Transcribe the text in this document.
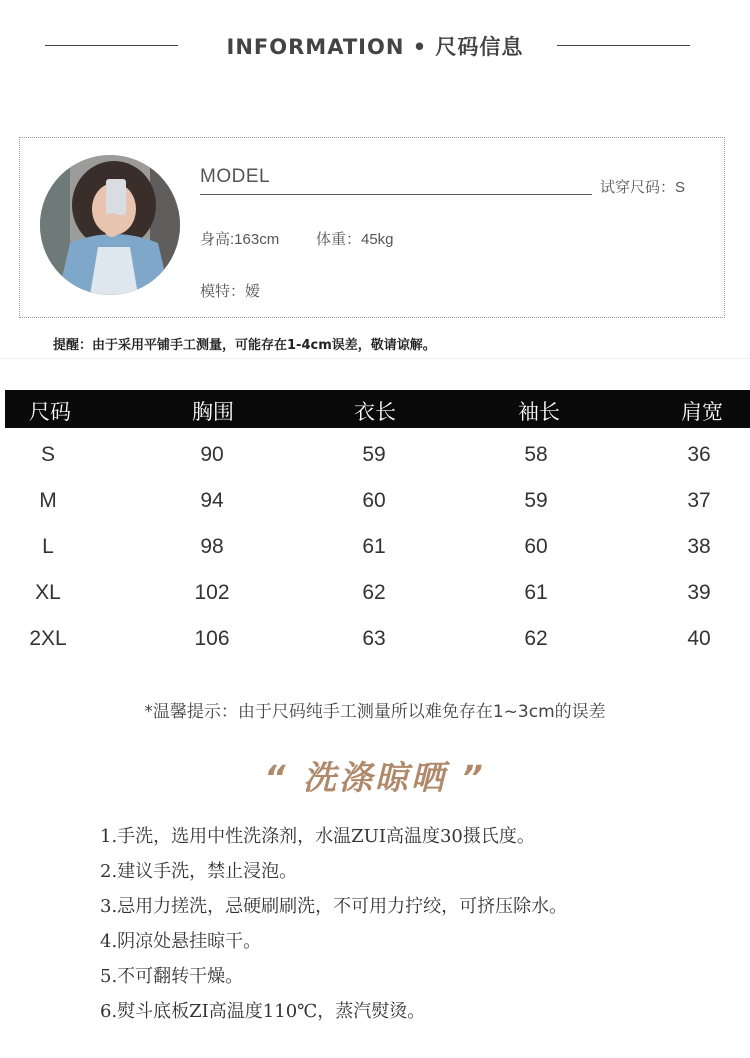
INFORMATION • 尺码信息
MODEL
试穿尺码：S
身高:163cm 体重：45kg
模特：嫒
提醒：由于采用平铺手工测量，可能存在1-4cm误差，敬请谅解。
尺码	胸围	衣长	袖长	肩宽
S	90	59	58	36
M	94	60	59	37
L	98	61	60	38
XL	102	62	61	39
2XL	106	63	62	40
*温馨提示：由于尺码纯手工测量所以难免存在1~3cm的误差
“ 洗涤晾晒 ”
1.手洗，选用中性洗涤剂，水温ZUI高温度30摄氏度。
2.建议手洗，禁止浸泡。
3.忌用力搓洗，忌硬刷刷洗，不可用力拧绞，可挤压除水。
4.阴凉处悬挂晾干。
5.不可翻转干燥。
6.熨斗底板ZI高温度110℃，蒸汽熨烫。
